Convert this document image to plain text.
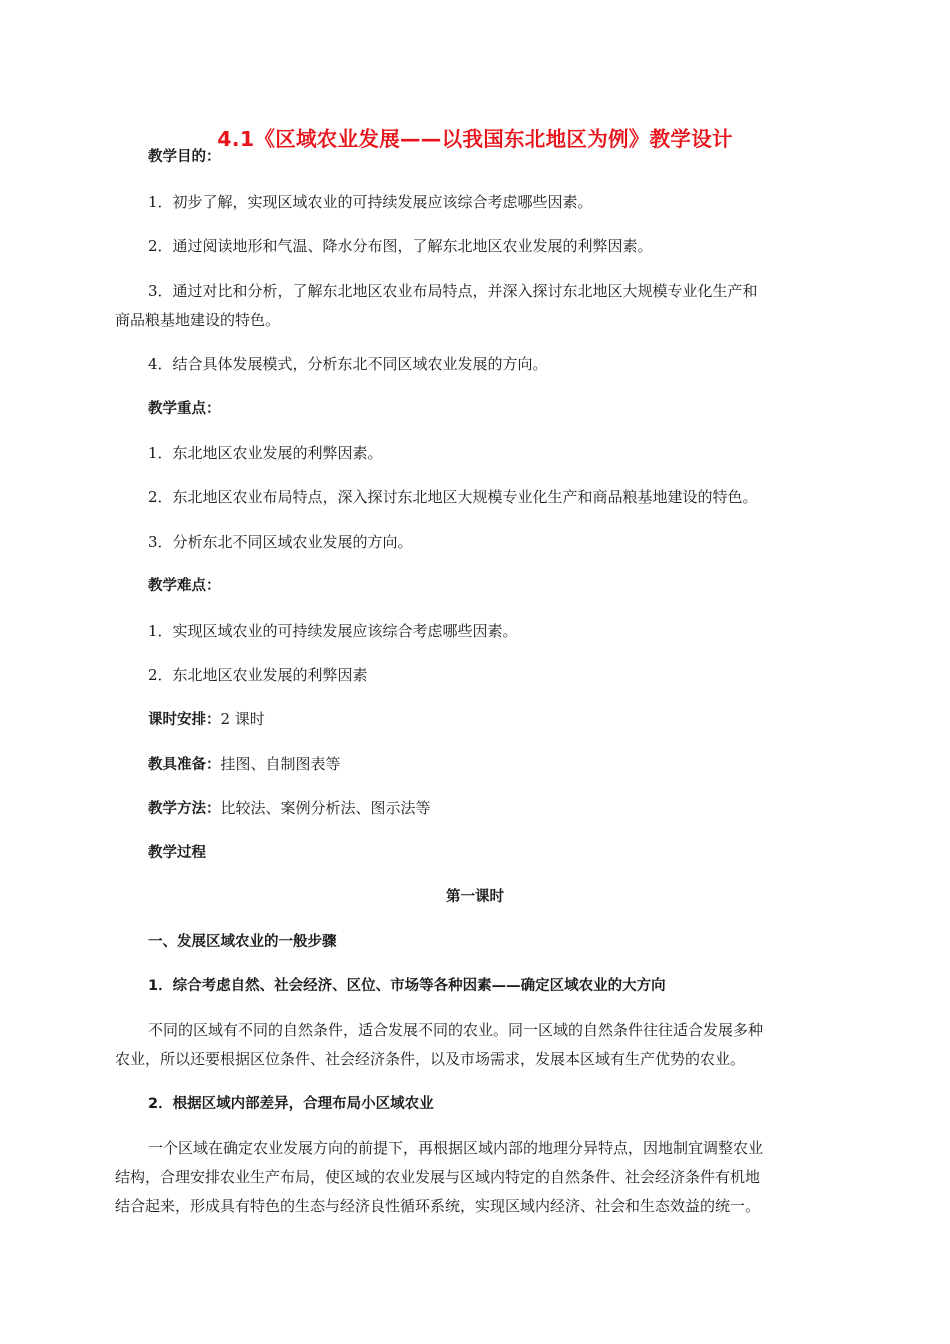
4.1《区域农业发展——以我国东北地区为例》教学设计
教学目的：
1．初步了解，实现区域农业的可持续发展应该综合考虑哪些因素。
2．通过阅读地形和气温、降水分布图，了解东北地区农业发展的利弊因素。
3．通过对比和分析，了解东北地区农业布局特点，并深入探讨东北地区大规模专业化生产和
商品粮基地建设的特色。
4．结合具体发展模式，分析东北不同区域农业发展的方向。
教学重点：
1．东北地区农业发展的利弊因素。
2．东北地区农业布局特点，深入探讨东北地区大规模专业化生产和商品粮基地建设的特色。
3．分析东北不同区域农业发展的方向。
教学难点：
1．实现区域农业的可持续发展应该综合考虑哪些因素。
2．东北地区农业发展的利弊因素
课时安排：2 课时
教具准备：挂图、自制图表等
教学方法：比较法、案例分析法、图示法等
教学过程
第一课时
一、发展区域农业的一般步骤
1．综合考虑自然、社会经济、区位、市场等各种因素——确定区域农业的大方向
不同的区域有不同的自然条件，适合发展不同的农业。同一区域的自然条件往往适合发展多种
农业，所以还要根据区位条件、社会经济条件，以及市场需求，发展本区域有生产优势的农业。
2．根据区域内部差异，合理布局小区域农业
一个区域在确定农业发展方向的前提下，再根据区域内部的地理分异特点，因地制宜调整农业
结构，合理安排农业生产布局，使区域的农业发展与区域内特定的自然条件、社会经济条件有机地
结合起来，形成具有特色的生态与经济良性循环系统，实现区域内经济、社会和生态效益的统一。
